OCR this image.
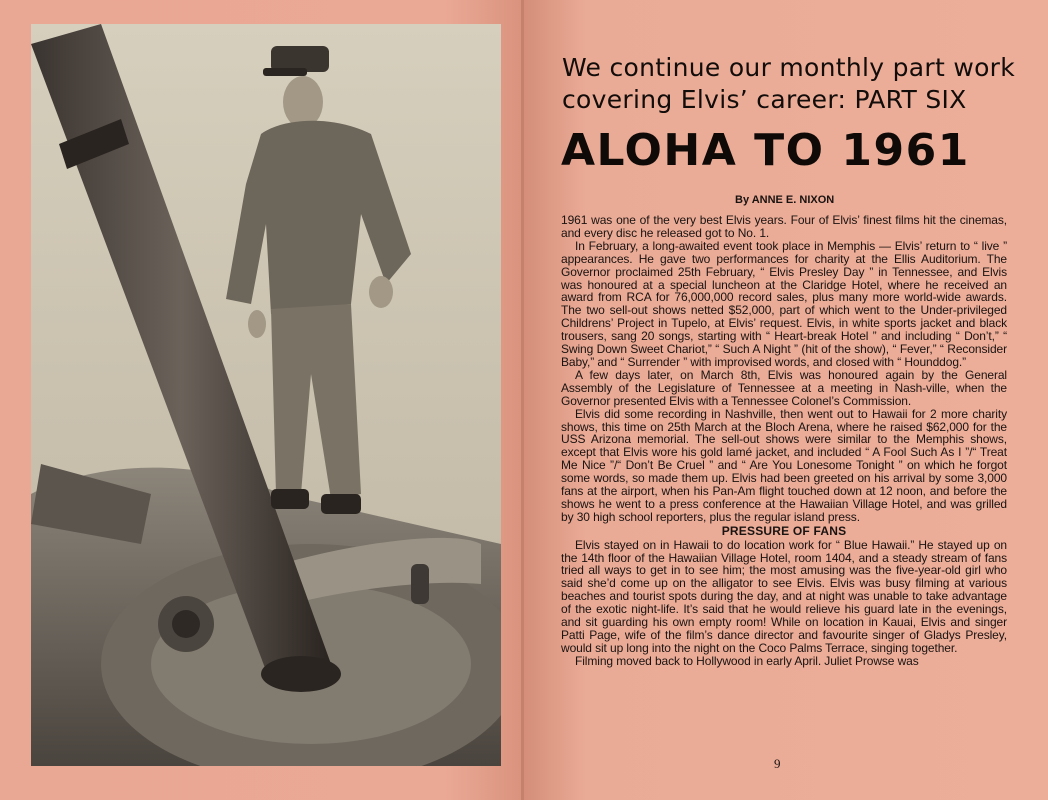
We continue our monthly part work
covering Elvis’ career: PART SIX
ALOHA TO 1961
By ANNE E. NIXON

1961 was one of the very best Elvis years. Four of Elvis’ finest films hit the cinemas, and every disc he released got to No. 1.

In February, a long-awaited event took place in Memphis — Elvis’ return to “ live ” appearances. He gave two performances for charity at the Ellis Auditorium. The Governor proclaimed 25th February, “ Elvis Presley Day ” in Tennessee, and Elvis was honoured at a special luncheon at the Claridge Hotel, where he received an award from RCA for 76,000,000 record sales, plus many more world-wide awards. The two sell-out shows netted $52,000, part of which went to the Under-privileged Childrens’ Project in Tupelo, at Elvis’ request. Elvis, in white sports jacket and black trousers, sang 20 songs, starting with “ Heart-break Hotel ” and including “ Don’t,” “ Swing Down Sweet Chariot,” “ Such A Night ” (hit of the show), “ Fever,” “ Reconsider Baby,” and “ Surrender ” with improvised words, and closed with “ Hounddog.”

A few days later, on March 8th, Elvis was honoured again by the General Assembly of the Legislature of Tennessee at a meeting in Nash-ville, when the Governor presented Elvis with a Tennessee Colonel’s Commission.

Elvis did some recording in Nashville, then went out to Hawaii for 2 more charity shows, this time on 25th March at the Bloch Arena, where he raised $62,000 for the USS Arizona memorial. The sell-out shows were similar to the Memphis shows, except that Elvis wore his gold lamé jacket, and included “ A Fool Such As I ”/“ Treat Me Nice ”/“ Don’t Be Cruel ” and “ Are You Lonesome Tonight ” on which he forgot some words, so made them up. Elvis had been greeted on his arrival by some 3,000 fans at the airport, when his Pan-Am flight touched down at 12 noon, and before the shows he went to a press conference at the Hawaiian Village Hotel, and was grilled by 30 high school reporters, plus the regular island press.

PRESSURE OF FANS

Elvis stayed on in Hawaii to do location work for “ Blue Hawaii.” He stayed up on the 14th floor of the Hawaiian Village Hotel, room 1404, and a steady stream of fans tried all ways to get in to see him; the most amusing was the five-year-old girl who said she’d come up on the alligator to see Elvis. Elvis was busy filming at various beaches and tourist spots during the day, and at night was unable to take advantage of the exotic night-life. It’s said that he would relieve his guard late in the evenings, and sit guarding his own empty room! While on location in Kauai, Elvis and singer Patti Page, wife of the film’s dance director and favourite singer of Gladys Presley, would sit up long into the night on the Coco Palms Terrace, singing together.

Filming moved back to Hollywood in early April. Juliet Prowse was

9
